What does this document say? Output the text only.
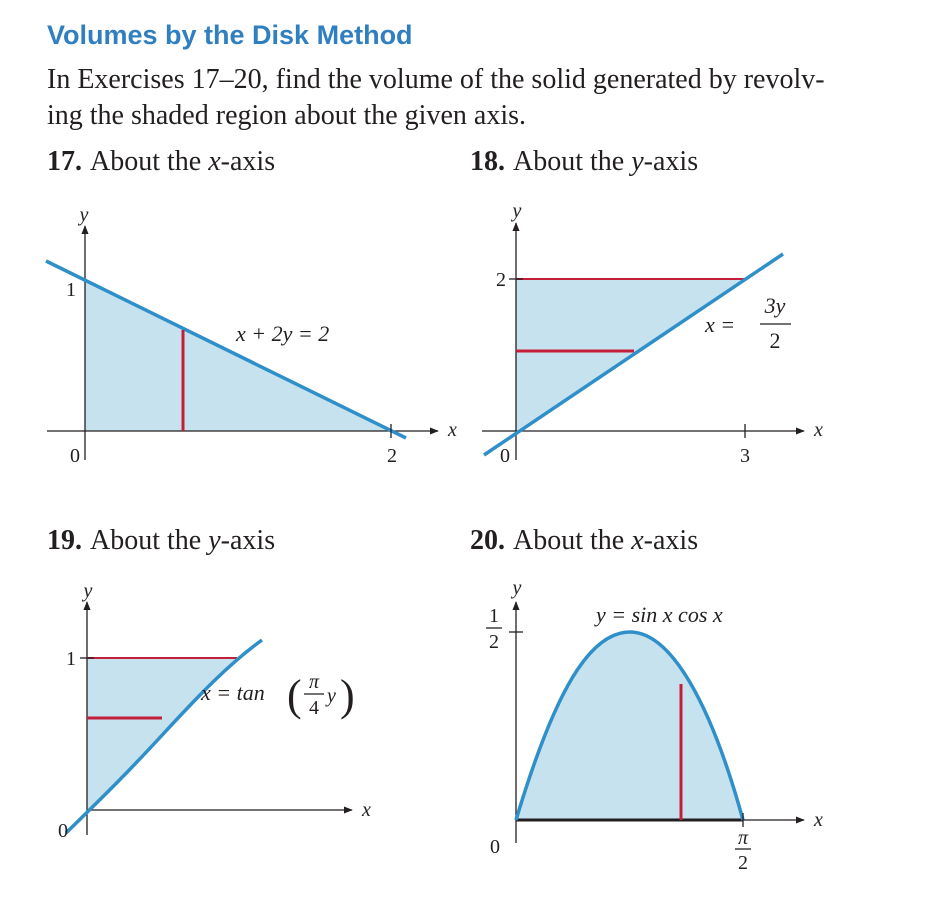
Volumes by the Disk Method
In Exercises 17–20, find the volume of the solid generated by revolv-
ing the shaded region about the given axis.
17. About the x-axis	18. About the y-axis
19. About the y-axis	20. About the x-axis
y
x
0
1
2
x + 2y = 2
y
x
0
2
3
x =
3y
2
y
x
0
1
x = tan ( π
4
y )
y
x
0
1
2
π
2
y = sin x cos x
